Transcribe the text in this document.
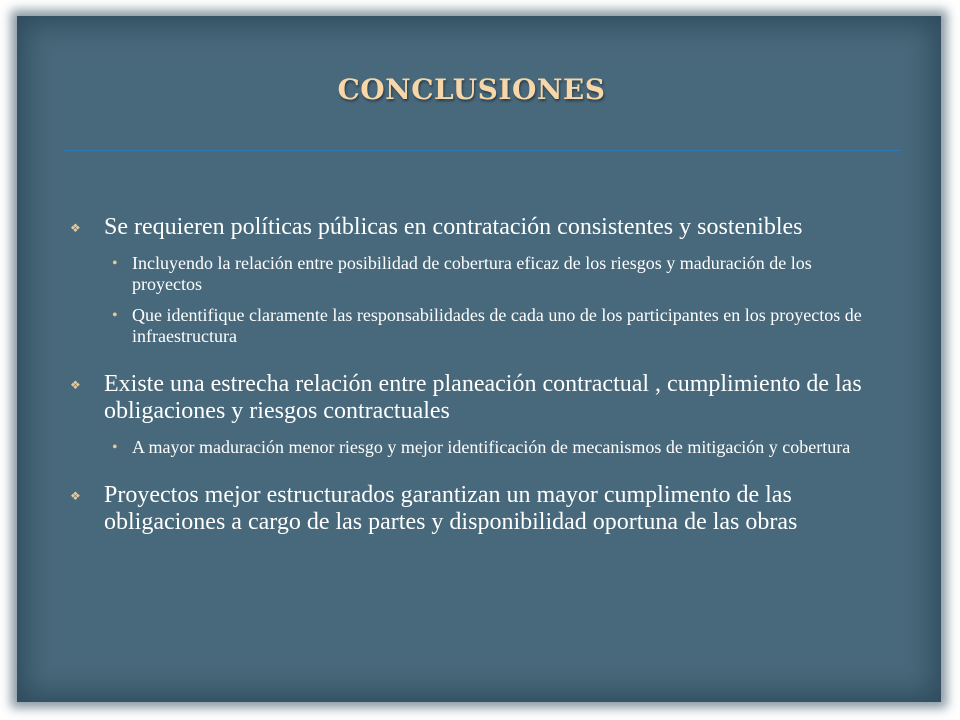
CONCLUSIONES
❖ Se requieren políticas públicas en contratación consistentes y sostenibles
• Incluyendo la relación entre posibilidad de cobertura eficaz de los riesgos y maduración de los proyectos
• Que identifique claramente las responsabilidades de cada uno de los participantes en los proyectos de infraestructura
❖ Existe una estrecha relación entre planeación contractual , cumplimiento de las obligaciones y riesgos contractuales
• A mayor maduración menor riesgo y mejor identificación de mecanismos de mitigación y cobertura
❖ Proyectos mejor estructurados garantizan un mayor cumplimento de las obligaciones a cargo de las partes y disponibilidad oportuna de las obras
